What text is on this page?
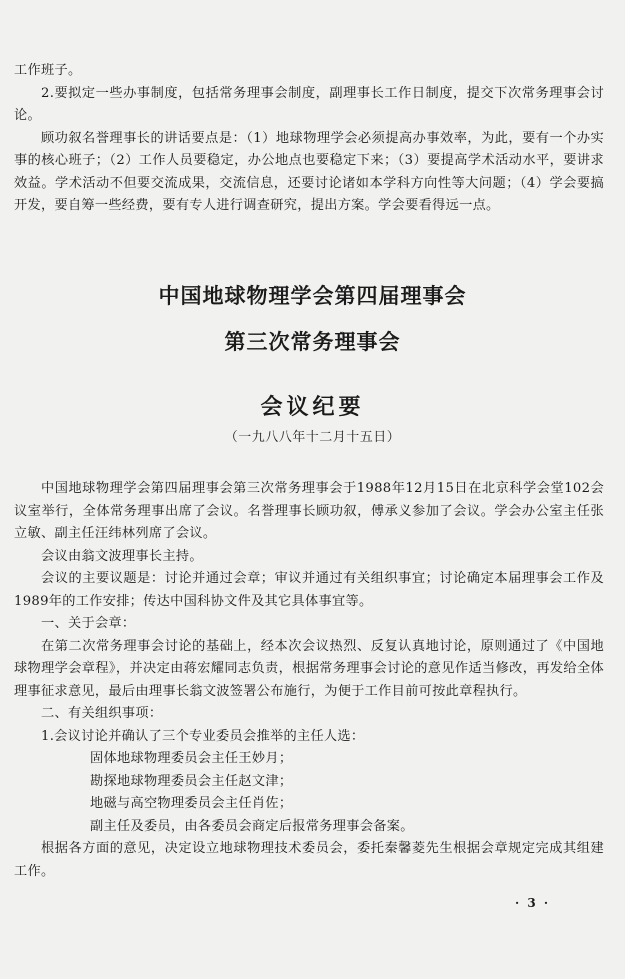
工作班子。

2.要拟定一些办事制度，包括常务理事会制度，副理事长工作日制度，提交下次常务理事会讨论。

顾功叙名誉理事长的讲话要点是：（1）地球物理学会必须提高办事效率，为此，要有一个办实事的核心班子；（2）工作人员要稳定，办公地点也要稳定下来；（3）要提高学术活动水平，要讲求效益。学术活动不但要交流成果，交流信息，还要讨论诸如本学科方向性等大问题；（4）学会要搞开发，要自筹一些经费，要有专人进行调查研究，提出方案。学会要看得远一点。

中国地球物理学会第四届理事会
第三次常务理事会
会议纪要
（一九八八年十二月十五日）

中国地球物理学会第四届理事会第三次常务理事会于1988年12月15日在北京科学会堂102会议室举行，全体常务理事出席了会议。名誉理事长顾功叙，傅承义参加了会议。学会办公室主任张立敏、副主任汪纬林列席了会议。

会议由翁文波理事长主持。

会议的主要议题是：讨论并通过会章；审议并通过有关组织事宜；讨论确定本届理事会工作及1989年的工作安排；传达中国科协文件及其它具体事宜等。

一、关于会章：

在第二次常务理事会讨论的基础上，经本次会议热烈、反复认真地讨论，原则通过了《中国地球物理学会章程》，并决定由蒋宏耀同志负责，根据常务理事会讨论的意见作适当修改，再发给全体理事征求意见，最后由理事长翁文波签署公布施行，为便于工作目前可按此章程执行。

二、有关组织事项：

1.会议讨论并确认了三个专业委员会推举的主任人选：

固体地球物理委员会主任王妙月；

勘探地球物理委员会主任赵文津；

地磁与高空物理委员会主任肖佐；

副主任及委员，由各委员会商定后报常务理事会备案。

根据各方面的意见，决定设立地球物理技术委员会，委托秦馨菱先生根据会章规定完成其组建工作。

· 3 ·
